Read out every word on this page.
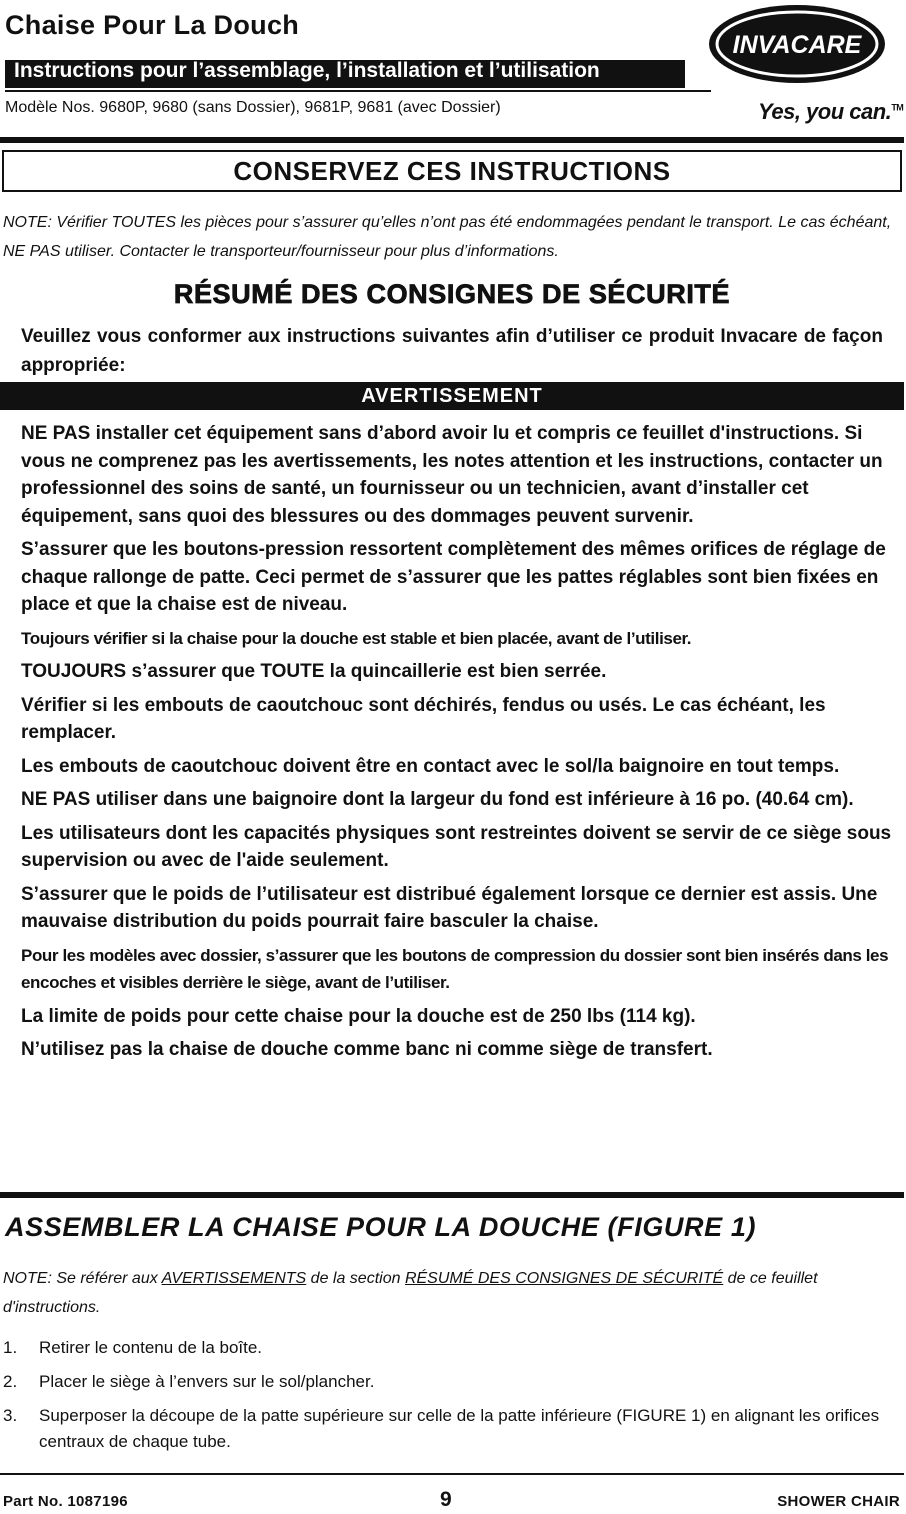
Chaise Pour La Douch
Instructions pour l’assemblage, l’installation et l’utilisation
Modèle Nos. 9680P, 9680 (sans Dossier), 9681P, 9681 (avec Dossier)
INVACARE
Yes, you can.™
CONSERVEZ CES INSTRUCTIONS
NOTE: Vérifier TOUTES les pièces pour s’assurer qu’elles n’ont pas été endommagées pendant le transport. Le cas échéant, NE PAS utiliser. Contacter le transporteur/fournisseur pour plus d’informations.
RÉSUMÉ DES CONSIGNES DE SÉCURITÉ
Veuillez vous conformer aux instructions suivantes afin d’utiliser ce produit Invacare de façon appropriée:
AVERTISSEMENT
NE PAS installer cet équipement sans d’abord avoir lu et compris ce feuillet d'instructions. Si vous ne comprenez pas les avertissements, les notes attention et les instructions, contacter un professionnel des soins de santé, un fournisseur ou un technicien, avant d’installer cet équipement, sans quoi des blessures ou des dommages peuvent survenir.
S’assurer que les boutons-pression ressortent complètement des mêmes orifices de réglage de chaque rallonge de patte. Ceci permet de s’assurer que les pattes réglables sont bien fixées en place et que la chaise est de niveau.
Toujours vérifier si la chaise pour la douche est stable et bien placée, avant de l’utiliser.
TOUJOURS s’assurer que TOUTE la quincaillerie est bien serrée.
Vérifier si les embouts de caoutchouc sont déchirés, fendus ou usés. Le cas échéant, les remplacer.
Les embouts de caoutchouc doivent être en contact avec le sol/la baignoire en tout temps.
NE PAS utiliser dans une baignoire dont la largeur du fond est inférieure à 16 po. (40.64 cm).
Les utilisateurs dont les capacités physiques sont restreintes doivent se servir de ce siège sous supervision ou avec de l'aide seulement.
S’assurer que le poids de l’utilisateur est distribué également lorsque ce dernier est assis. Une mauvaise distribution du poids pourrait faire basculer la chaise.
Pour les modèles avec dossier, s’assurer que les boutons de compression du dossier sont bien insérés dans les encoches et visibles derrière le siège, avant de l’utiliser.
La limite de poids pour cette chaise pour la douche est de 250 lbs (114 kg).
N’utilisez pas la chaise de douche comme banc ni comme siège de transfert.
ASSEMBLER LA CHAISE POUR LA DOUCHE (FIGURE 1)
NOTE: Se référer aux AVERTISSEMENTS de la section RÉSUMÉ DES CONSIGNES DE SÉCURITÉ de ce feuillet d'instructions.
1.	Retirer le contenu de la boîte.
2.	Placer le siège à l’envers sur le sol/plancher.
3.	Superposer la découpe de la patte supérieure sur celle de la patte inférieure (FIGURE 1) en alignant les orifices centraux de chaque tube.
Part No. 1087196	9	SHOWER CHAIR
